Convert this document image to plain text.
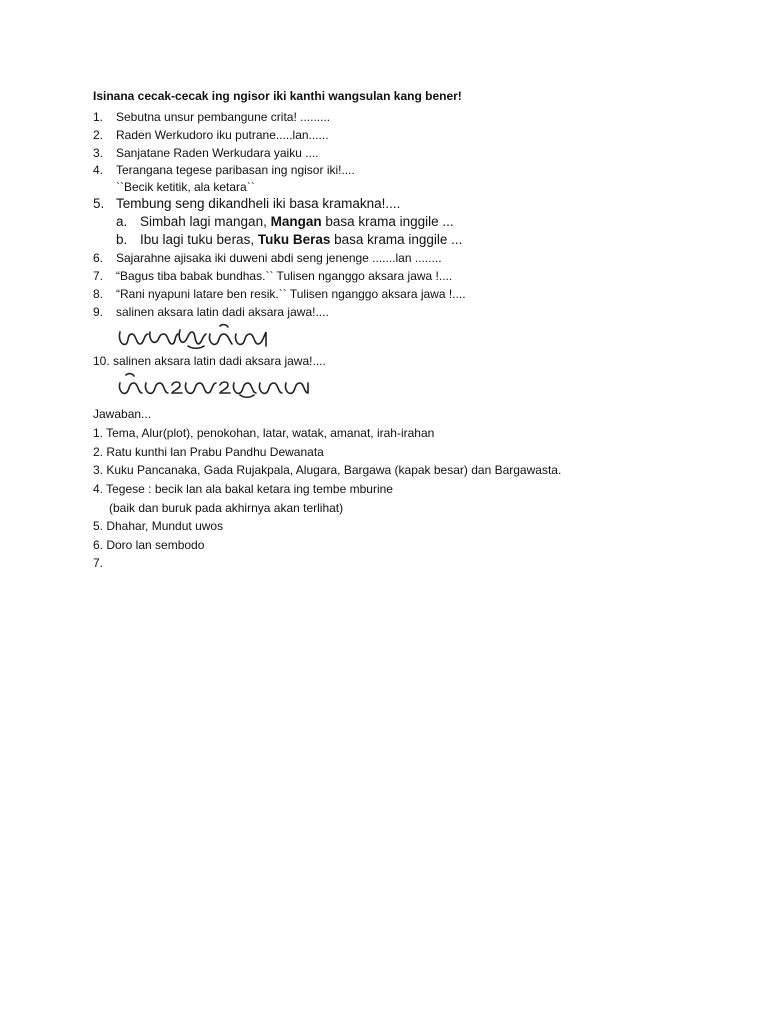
Isinana cecak-cecak ing ngisor iki kanthi wangsulan kang bener!
1. Sebutna unsur pembangune crita! .........
2. Raden Werkudoro iku putrane.....lan......
3. Sanjatane Raden Werkudara yaiku ....
4. Terangana tegese paribasan ing ngisor iki!....
``Becik ketitik, ala ketara``
5. Tembung seng dikandheli iki basa kramakna!....
a. Simbah lagi mangan, Mangan basa krama inggile ...
b. Ibu lagi tuku beras, Tuku Beras basa krama inggile ...
6. Sajarahne ajisaka iki duweni abdi seng jenenge .......lan ........
7. “Bagus tiba babak bundhas.`` Tulisen nganggo aksara jawa !....
8. “Rani nyapuni latare ben resik.`` Tulisen nganggo aksara jawa !....
9. salinen aksara latin dadi aksara jawa!....
10. salinen aksara latin dadi aksara jawa!....
Jawaban...
1. Tema, Alur(plot), penokohan, latar, watak, amanat, irah-irahan
2. Ratu kunthi lan Prabu Pandhu Dewanata
3. Kuku Pancanaka, Gada Rujakpala, Alugara, Bargawa (kapak besar) dan Bargawasta.
4. Tegese : becik lan ala bakal ketara ing tembe mburine
(baik dan buruk pada akhirnya akan terlihat)
5. Dhahar, Mundut uwos
6. Doro lan sembodo
7.
